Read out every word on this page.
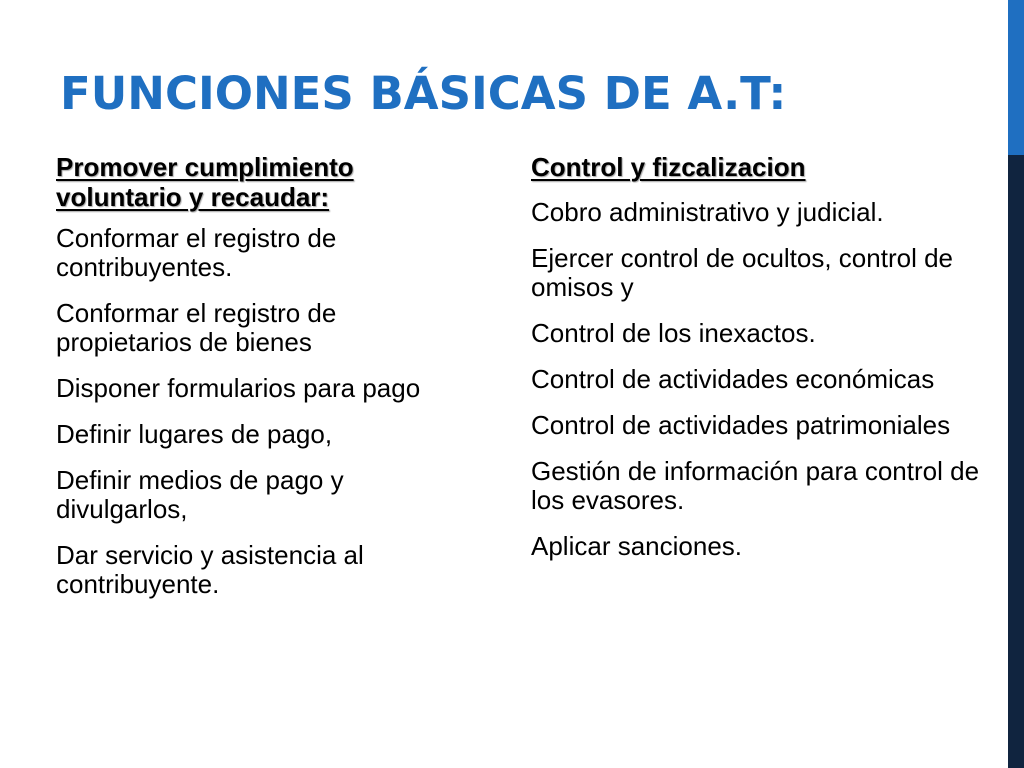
FUNCIONES BÁSICAS DE A.T:
Promover cumplimiento voluntario y recaudar:
Conformar el registro de contribuyentes.
Conformar el registro de propietarios de bienes
Disponer formularios para pago
Definir lugares de pago,
Definir medios de pago y divulgarlos,
Dar servicio y asistencia al contribuyente.
Control y fizcalizacion
Cobro administrativo y judicial.
Ejercer control de ocultos, control de omisos y
Control de los inexactos.
Control de actividades económicas
Control de actividades patrimoniales
Gestión de información para control de los evasores.
Aplicar sanciones.
